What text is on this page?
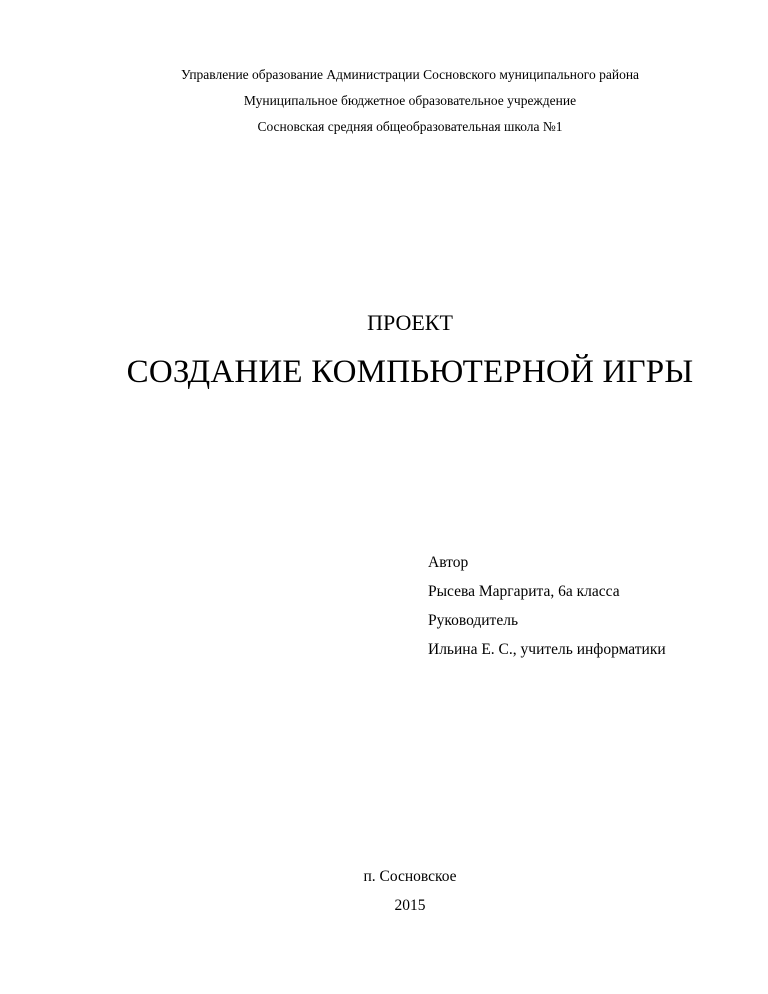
Управление образование Администрации Сосновского муниципального района
Муниципальное бюджетное образовательное учреждение
Сосновская средняя общеобразовательная школа №1
ПРОЕКТ
СОЗДАНИЕ КОМПЬЮТЕРНОЙ ИГРЫ
Автор
Рысева Маргарита, 6а класса
Руководитель
Ильина Е. С., учитель информатики
п. Сосновское
2015
